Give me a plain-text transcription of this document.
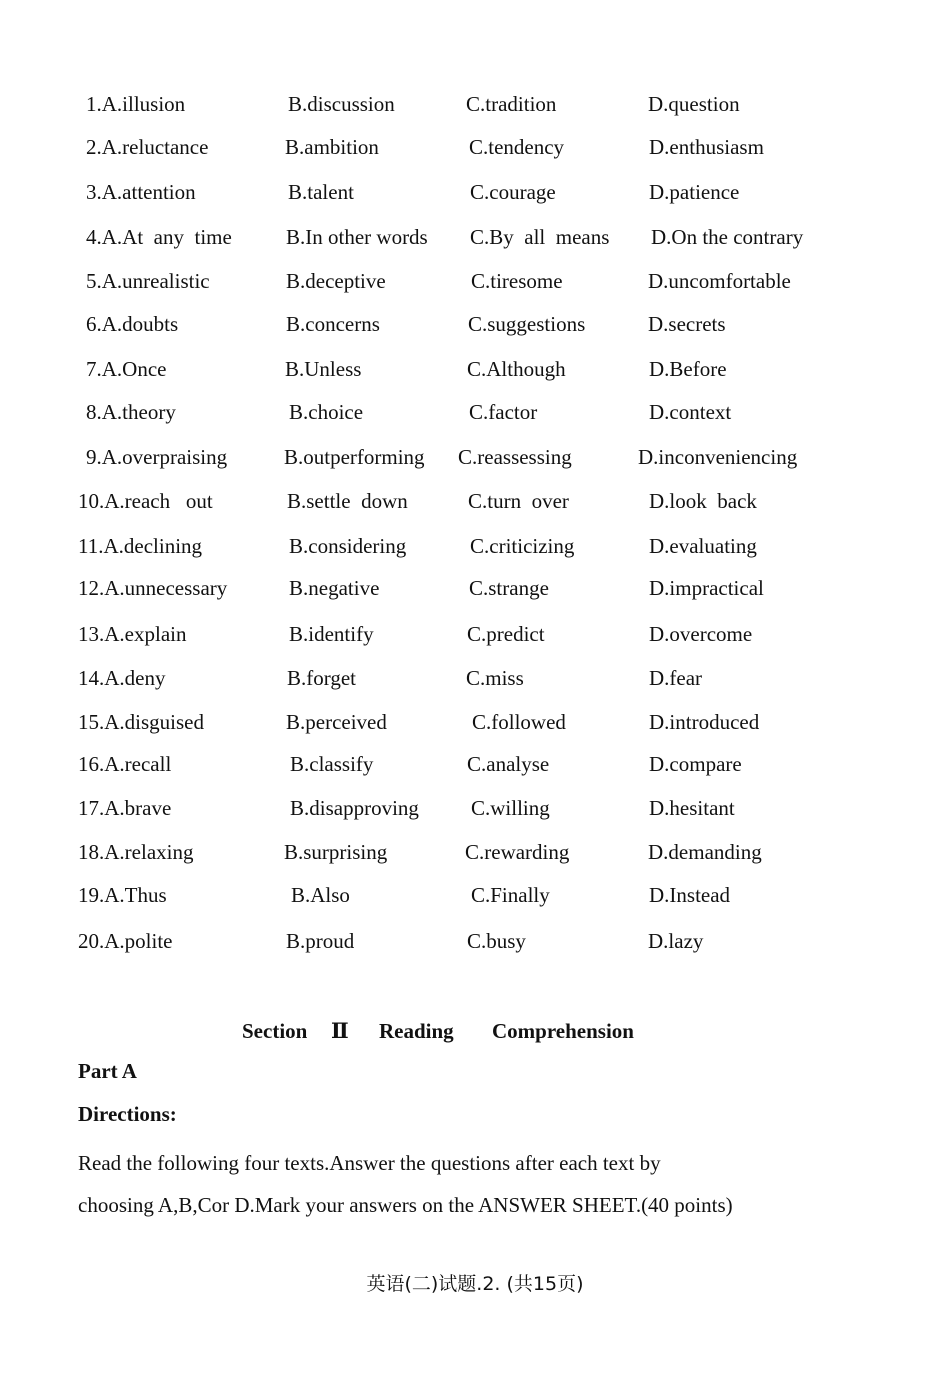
1.A.illusion	B.discussion	C.tradition	D.question
2.A.reluctance	B.ambition	C.tendency	D.enthusiasm
3.A.attention	B.talent	C.courage	D.patience
4.A.At  any  time	B.In other words C.By  all  means D.On the contrary
5.A.unrealistic	B.deceptive	C.tiresome	D.uncomfortable
6.A.doubts	B.concerns	C.suggestions	D.secrets
7.A.Once	B.Unless	C.Although	D.Before
8.A.theory	B.choice	C.factor	D.context
9.A.overpraising	B.outperforming C.reassessing	D.inconveniencing
10.A.reach   out	B.settle  down	C.turn  over	D.look  back
11.A.declining	B.considering	C.criticizing	D.evaluating
12.A.unnecessary	B.negative	C.strange	D.impractical
13.A.explain	B.identify	C.predict	D.overcome
14.A.deny	B.forget	C.miss	D.fear
15.A.disguised	B.perceived	C.followed	D.introduced
16.A.recall	B.classify	C.analyse	D.compare
17.A.brave	B.disapproving C.willing	D.hesitant
18.A.relaxing	B.surprising	C.rewarding	D.demanding
19.A.Thus	B.Also	C.Finally	D.Instead
20.A.polite	B.proud	C.busy	D.lazy
Section Ⅱ Reading Comprehension
Part A
Directions:
Read the following four texts.Answer the questions after each text by
choosing A,B,Cor D.Mark your answers on the ANSWER SHEET.(40 points)
英语(二)试题.2. (共15页)
